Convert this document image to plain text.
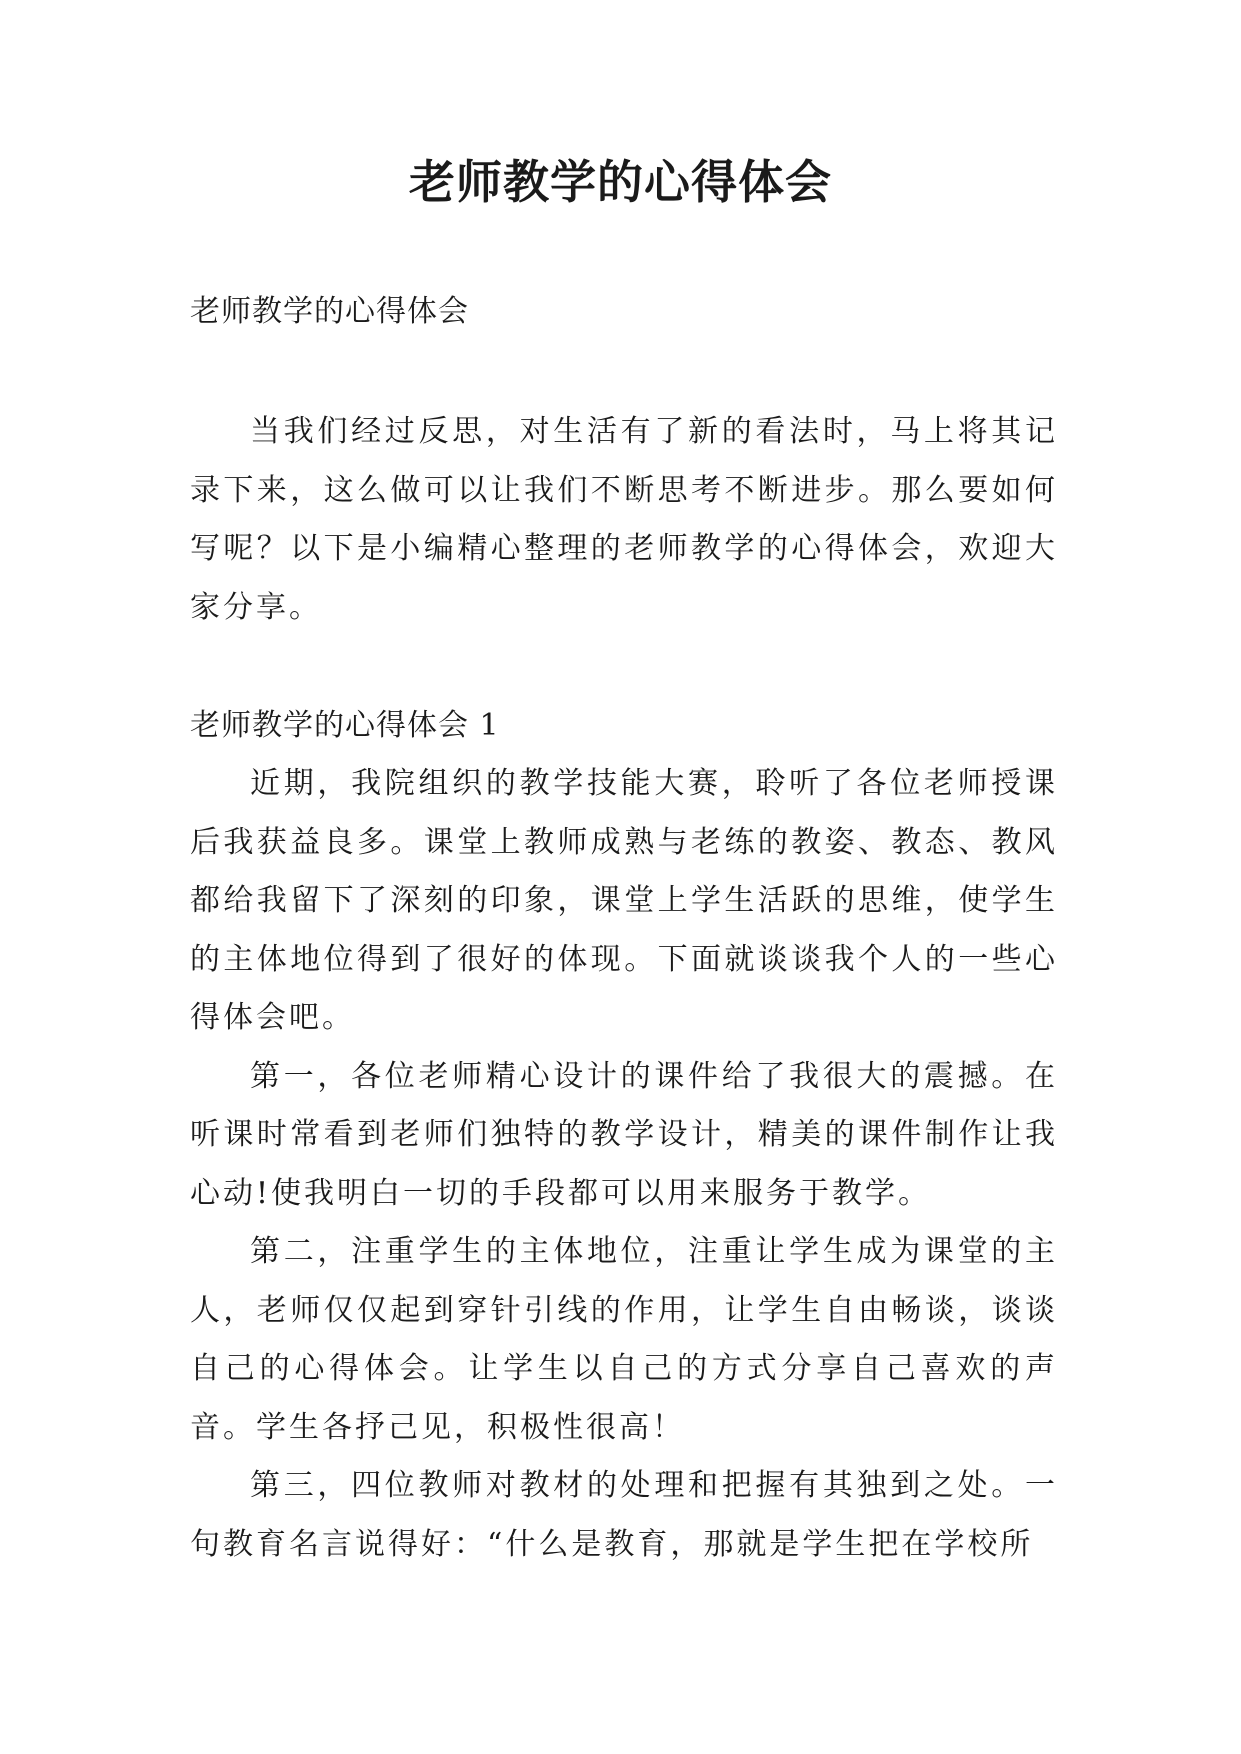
老师教学的心得体会

老师教学的心得体会

当我们经过反思，对生活有了新的看法时，马上将其记录下来，这么做可以让我们不断思考不断进步。那么要如何写呢？以下是小编精心整理的老师教学的心得体会，欢迎大家分享。

老师教学的心得体会 1

近期，我院组织的教学技能大赛，聆听了各位老师授课后我获益良多。课堂上教师成熟与老练的教姿、教态、教风都给我留下了深刻的印象，课堂上学生活跃的思维，使学生的主体地位得到了很好的体现。下面就谈谈我个人的一些心得体会吧。

第一，各位老师精心设计的课件给了我很大的震撼。在听课时常看到老师们独特的教学设计，精美的课件制作让我心动!使我明白一切的手段都可以用来服务于教学。

第二，注重学生的主体地位，注重让学生成为课堂的主人，老师仅仅起到穿针引线的作用，让学生自由畅谈，谈谈自己的心得体会。让学生以自己的方式分享自己喜欢的声音。学生各抒己见，积极性很高！

第三，四位教师对教材的处理和把握有其独到之处。一句教育名言说得好：“什么是教育，那就是学生把在学校所
